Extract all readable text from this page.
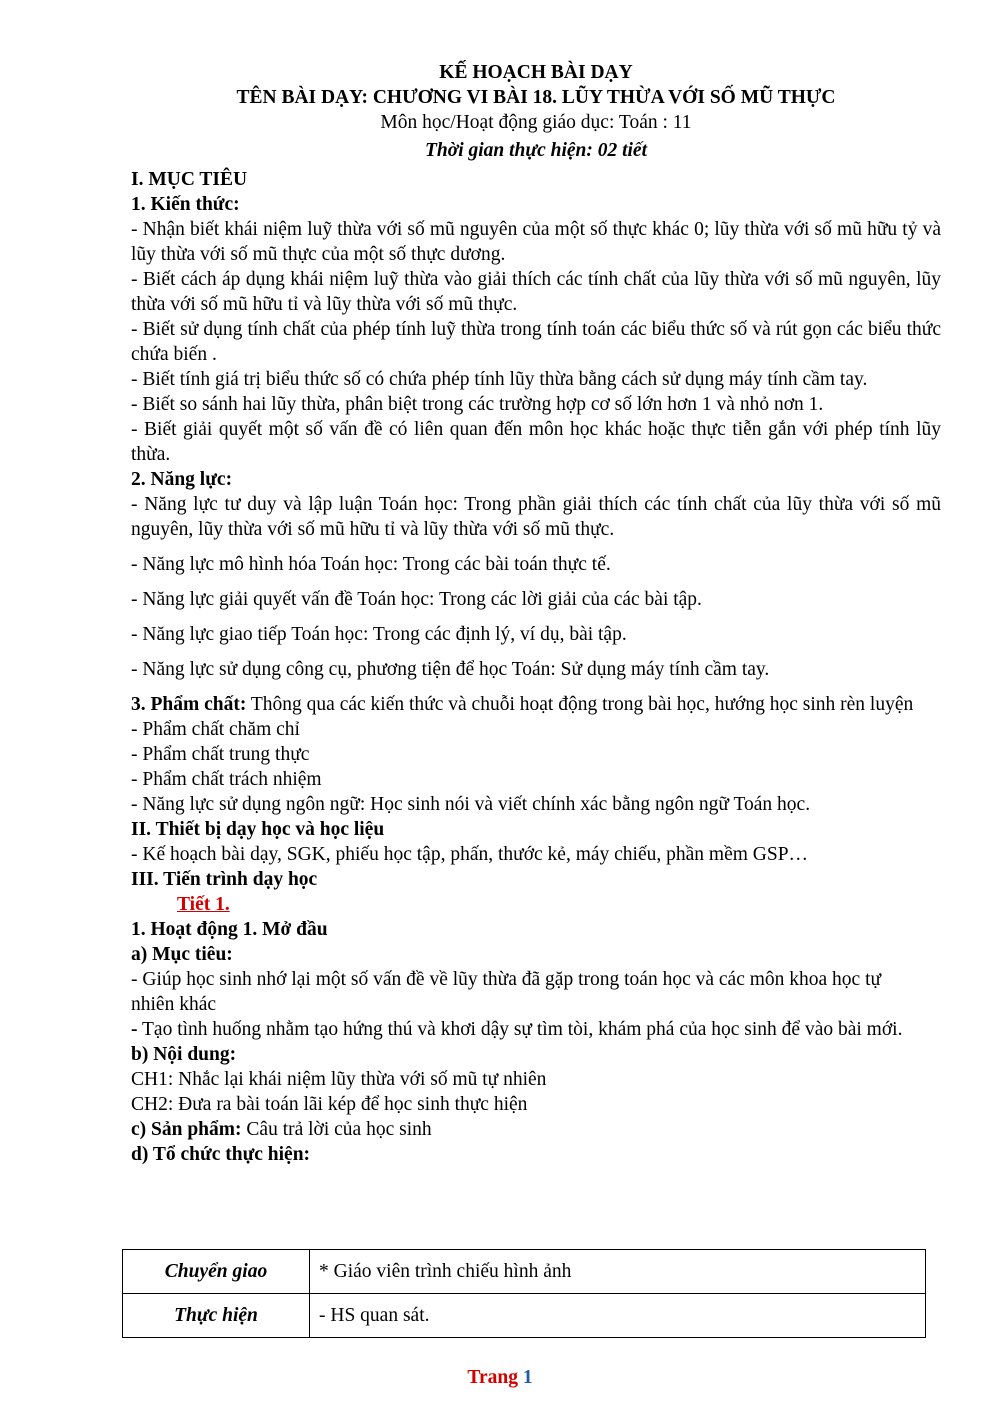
KẾ HOẠCH BÀI DẠY

TÊN BÀI DẠY: CHƯƠNG VI BÀI 18. LŨY THỪA VỚI SỐ MŨ THỰC

Môn học/Hoạt động giáo dục: Toán : 11

Thời gian thực hiện: 02 tiết

I. MỤC TIÊU

1. Kiến thức:

- Nhận biết khái niệm luỹ thừa với số mũ nguyên của một số thực khác 0; lũy thừa với số mũ hữu tỷ và lũy thừa với số mũ thực của một số thực dương.

- Biết cách áp dụng khái niệm luỹ thừa vào giải thích các tính chất của lũy thừa với số mũ nguyên, lũy thừa với số mũ hữu tỉ và lũy thừa với số mũ thực.

- Biết sử dụng tính chất của phép tính luỹ thừa trong tính toán các biểu thức số và rút gọn các biểu thức chứa biến .

- Biết tính giá trị biểu thức số có chứa phép tính lũy thừa bằng cách sử dụng máy tính cầm tay.

- Biết so sánh hai lũy thừa, phân biệt trong các trường hợp cơ số lớn hơn 1 và nhỏ nơn 1.

- Biết giải quyết một số vấn đề có liên quan đến môn học khác hoặc thực tiễn gắn với phép tính lũy thừa.

2. Năng lực:

- Năng lực tư duy và lập luận Toán học: Trong phần giải thích các tính chất của lũy thừa với số mũ nguyên, lũy thừa với số mũ hữu tỉ và lũy thừa với số mũ thực.

- Năng lực mô hình hóa Toán học: Trong các bài toán thực tế.

- Năng lực giải quyết vấn đề Toán học: Trong các lời giải của các bài tập.

- Năng lực giao tiếp Toán học: Trong các định lý, ví dụ, bài tập.

- Năng lực sử dụng công cụ, phương tiện để học Toán: Sử dụng máy tính cầm tay.

3. Phẩm chất: Thông qua các kiến thức và chuỗi hoạt động trong bài học, hướng học sinh rèn luyện

- Phẩm chất chăm chỉ

- Phẩm chất trung thực

- Phẩm chất trách nhiệm

- Năng lực sử dụng ngôn ngữ: Học sinh nói và viết chính xác bằng ngôn ngữ Toán học.

II. Thiết bị dạy học và học liệu

- Kế hoạch bài dạy, SGK, phiếu học tập, phấn, thước kẻ, máy chiếu, phần mềm GSP…

III. Tiến trình dạy học

Tiết 1.

1. Hoạt động 1. Mở đầu

a) Mục tiêu:

- Giúp học sinh nhớ lại một số vấn đề về lũy thừa đã gặp trong toán học và các môn khoa học tự nhiên khác

- Tạo tình huống nhằm tạo hứng thú và khơi dậy sự tìm tòi, khám phá của học sinh để vào bài mới.

b) Nội dung:

CH1: Nhắc lại khái niệm lũy thừa với số mũ tự nhiên

CH2: Đưa ra bài toán lãi kép để học sinh thực hiện

c) Sản phẩm: Câu trả lời của học sinh

d) Tổ chức thực hiện:

Chuyển giao	* Giáo viên trình chiếu hình ảnh
Thực hiện	- HS quan sát.
Trang 1
